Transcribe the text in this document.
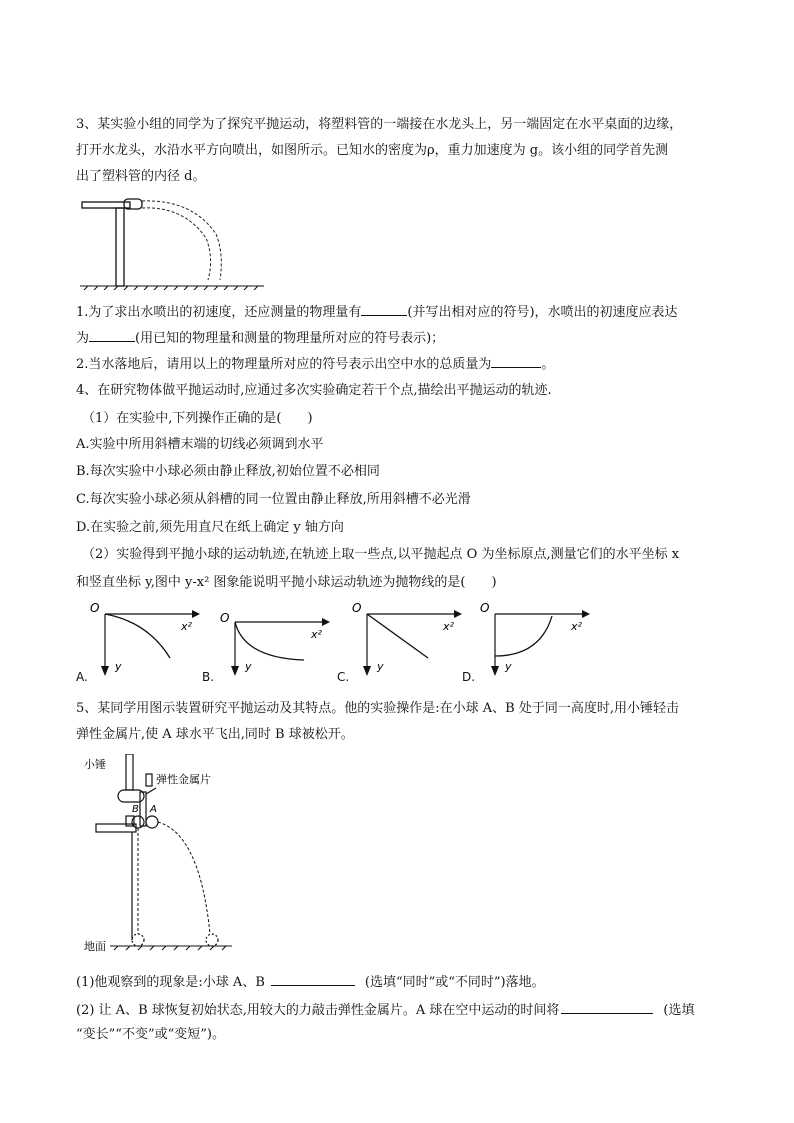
3、某实验小组的同学为了探究平抛运动，将塑料管的一端接在水龙头上，另一端固定在水平桌面的边缘，
打开水龙头，水沿水平方向喷出，如图所示。已知水的密度为ρ，重力加速度为 g。该小组的同学首先测
出了塑料管的内径 d。
1.为了求出水喷出的初速度，还应测量的物理量有	(并写出相对应的符号)，水喷出的初速度应表达
为	(用已知的物理量和测量的物理量所对应的符号表示)；
2.当水落地后，请用以上的物理量所对应的符号表示出空中水的总质量为	。
4、在研究物体做平抛运动时,应通过多次实验确定若干个点,描绘出平抛运动的轨迹.
（1）在实验中,下列操作正确的是(　　)
A.实验中所用斜槽末端的切线必须调到水平
B.每次实验中小球必须由静止释放,初始位置不必相同
C.每次实验小球必须从斜槽的同一位置由静止释放,所用斜槽不必光滑
D.在实验之前,须先用直尺在纸上确定 y 轴方向
（2）实验得到平抛小球的运动轨迹,在轨迹上取一些点,以平抛起点 O 为坐标原点,测量它们的水平坐标 x
和竖直坐标 y,图中 y-x² 图象能说明平抛小球运动轨迹为抛物线的是(　　)
O
x²
y
A.
O
x²
y
B.
O
x²
y
C.
O
x²
y
D.
5、某同学用图示装置研究平抛运动及其特点。他的实验操作是:在小球 A、B 处于同一高度时,用小锤轻击
弹性金属片,使 A 球水平飞出,同时 B 球被松开。
小锤
弹性金属片
B A
地面
(1)他观察到的现象是:小球 A、B	(选填“同时”或“不同时”)落地。
(2) 让 A、B 球恢复初始状态,用较大的力敲击弹性金属片。A 球在空中运动的时间将	(选填
“变长”“不变”或“变短”)。
